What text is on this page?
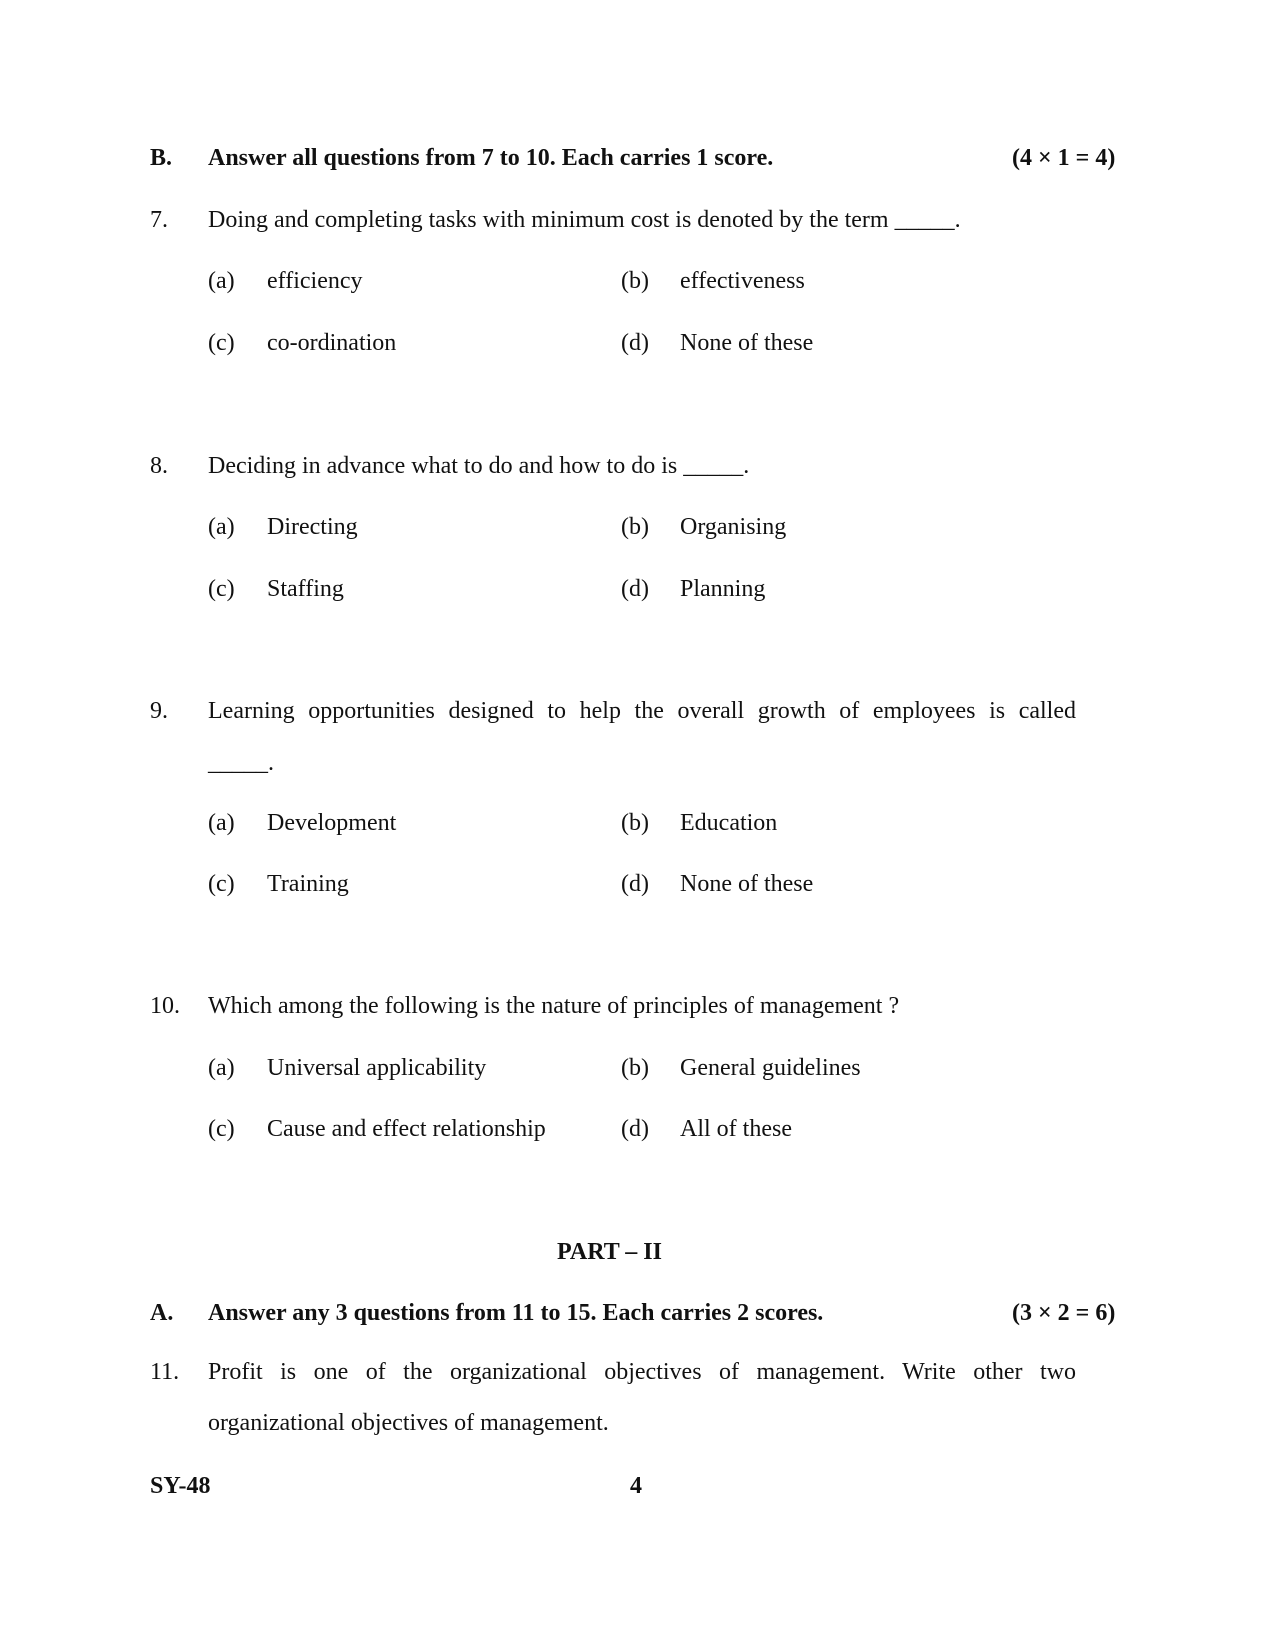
B. Answer all questions from 7 to 10. Each carries 1 score.	(4 × 1 = 4)
7. Doing and completing tasks with minimum cost is denoted by the term _____.
(a) efficiency	(b) effectiveness
(c) co-ordination	(d) None of these
8. Deciding in advance what to do and how to do is _____.
(a) Directing	(b) Organising
(c) Staffing	(d) Planning
9. Learning opportunities designed to help the overall growth of employees is called
_____.
(a) Development	(b) Education
(c) Training	(d) None of these
10. Which among the following is the nature of principles of management ?
(a) Universal applicability	(b) General guidelines
(c) Cause and effect relationship	(d) All of these
PART – II
A. Answer any 3 questions from 11 to 15. Each carries 2 scores.	(3 × 2 = 6)
11. Profit is one of the organizational objectives of management. Write other two
organizational objectives of management.
SY-48	4
